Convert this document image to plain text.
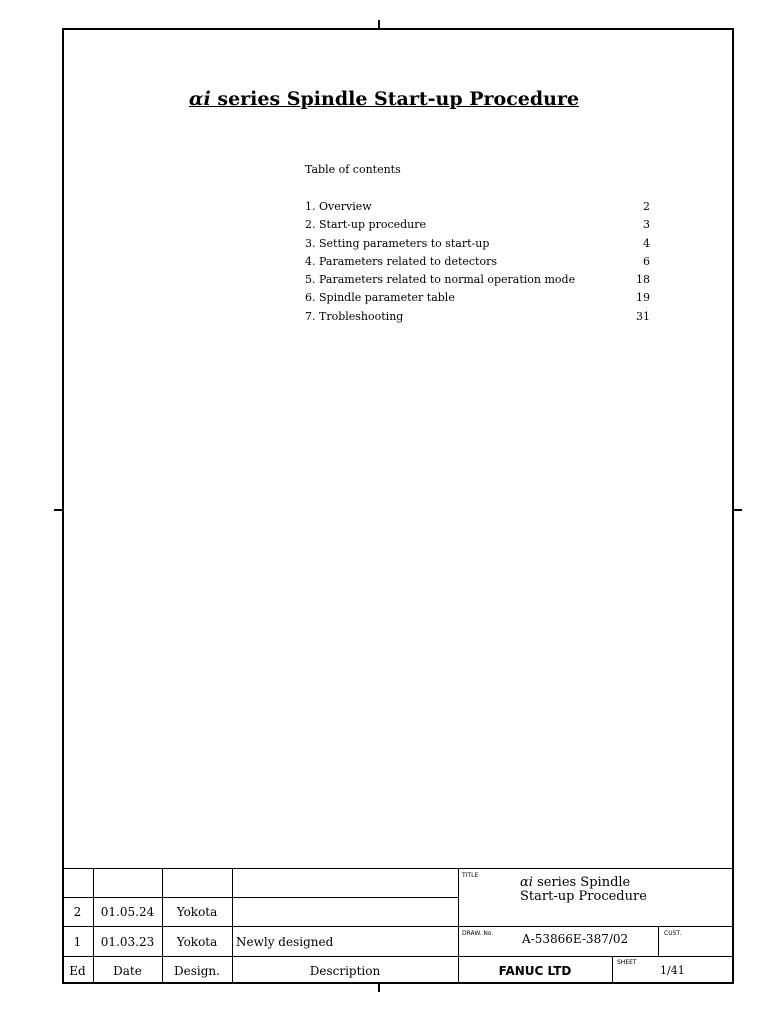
αi series Spindle Start-up Procedure
Table of contents
1. Overview	2
2. Start-up procedure	3
3. Setting parameters to start-up	4
4. Parameters related to detectors	6
5. Parameters related to normal operation mode	18
6. Spindle parameter table	19
7. Trobleshooting	31
2	01.05.24	Yokota
1	01.03.23	Yokota	Newly designed
Ed	Date	Design.	Description
TITLE	αi series Spindle
Start-up Procedure
DRAW. No. A-53866E-387/02	CUST.
FANUC LTD
SHEET
1/41
